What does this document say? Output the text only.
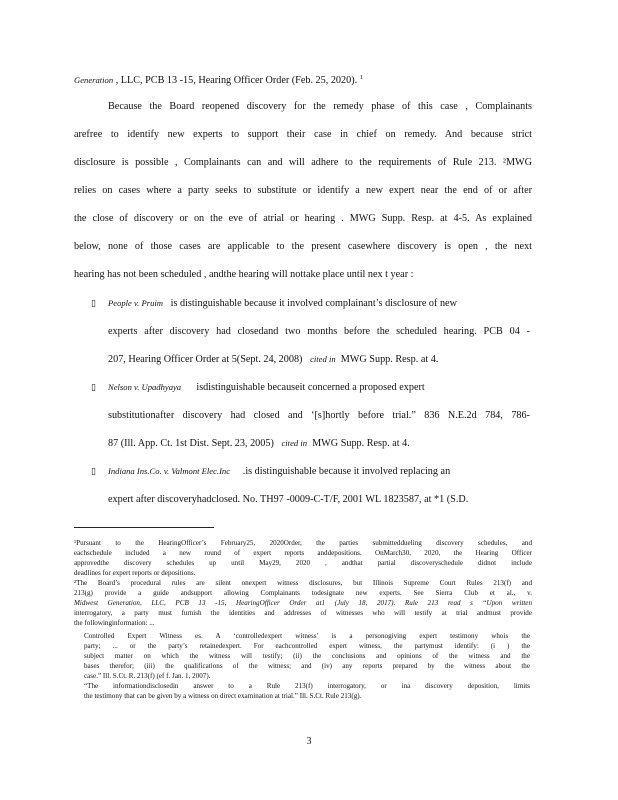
Generation , LLC, PCB 13 -15, Hearing Officer Order (Feb. 25, 2020). $^1$
Because the Board reopened discovery for the remedy phase of this case , Complainants
arefree to identify new experts to support their case in chief on remedy. And because strict
disclosure is possible , Complainants can and will adhere to the requirements of Rule 213. ²MWG
relies on cases where a party seeks to substitute or identify a new expert near the end of or after
the close of discovery or on the eve of atrial or hearing . MWG Supp. Resp. at 4-5. As explained
below, none of those cases are applicable to the present casewhere discovery is open , the next
hearing has not been scheduled , andthe hearing will nottake place until nex t year :
▯ People v. Pruim is distinguishable because it involved complainant’s disclosure of new
experts after discovery had closedand two months before the scheduled hearing. PCB 04 -
207, Hearing Officer Order at 5(Sept. 24, 2008) cited in MWG Supp. Resp. at 4.
▯ Nelson v. Upadhyaya isdistinguishable becauseit concerned a proposed expert
substitutionafter discovery had closed and ‘[s]hortly before trial.” 836 N.E.2d 784, 786-
87 (Ill. App. Ct. 1st Dist. Sept. 23, 2005) cited in MWG Supp. Resp. at 4.
▯ Indiana Ins.Co. v. Valmont Elec.Inc .is distinguishable because it involved replacing an
expert after discoveryhadclosed. No. TH97 -0009-C-T/F, 2001 WL 1823587, at *1 (S.D.
¹Pursuant to the HearingOfficer’s February25, 2020Order, the parties submitteddueling discovery schedules, and
eachschedule included a new round of expert reports anddepositions. OnMarch30, 2020, the Hearing Officer
approvedthe discovery schedules up until May29, 2020 , andthat partial discoveryschedule didnot include
deadlines for expert reports or depositions.
²The Board’s procedural rules are silent onexpert witness disclosures, but Illinois Supreme Court Rules 213(f) and
213(g) provide a guide andsupport allowing Complainants todesignate new experts. See Sierra Club et al., v.
Midwest Generation, LLC, PCB 13 -15, HearingOfficer Order at1 (July 18, 2017). Rule 213 read s “Upon written
interrogatory, a party must furnish the identities and addresses of witnesses who will testify at trial andmust provide
the followinginformation: ...
Controlled Expert Witness es. A ‘controlledexpert witness’ is a personogiving expert testimony whois the
party; ... or the party’s retainedexpert. For eachcontrolled expert witness, the partymust identify: (i ) the
subject matter on which the witness will testify; (ii) the conclusions and opinions of the witness and the
bases therefor; (iii) the qualifications of the witness; and (iv) any reports prepared by the witness about the
case.” Ill. S.Ct. R. 213(f) (ef f. Jan. 1, 2007).
“The informationdisclosedin answer to a Rule 213(f) interrogatory, or ina discovery deposition, limits
the testimony that can be given by a witness on direct examination at trial.” Ill. S.Ct. Rule 213(g).
3
